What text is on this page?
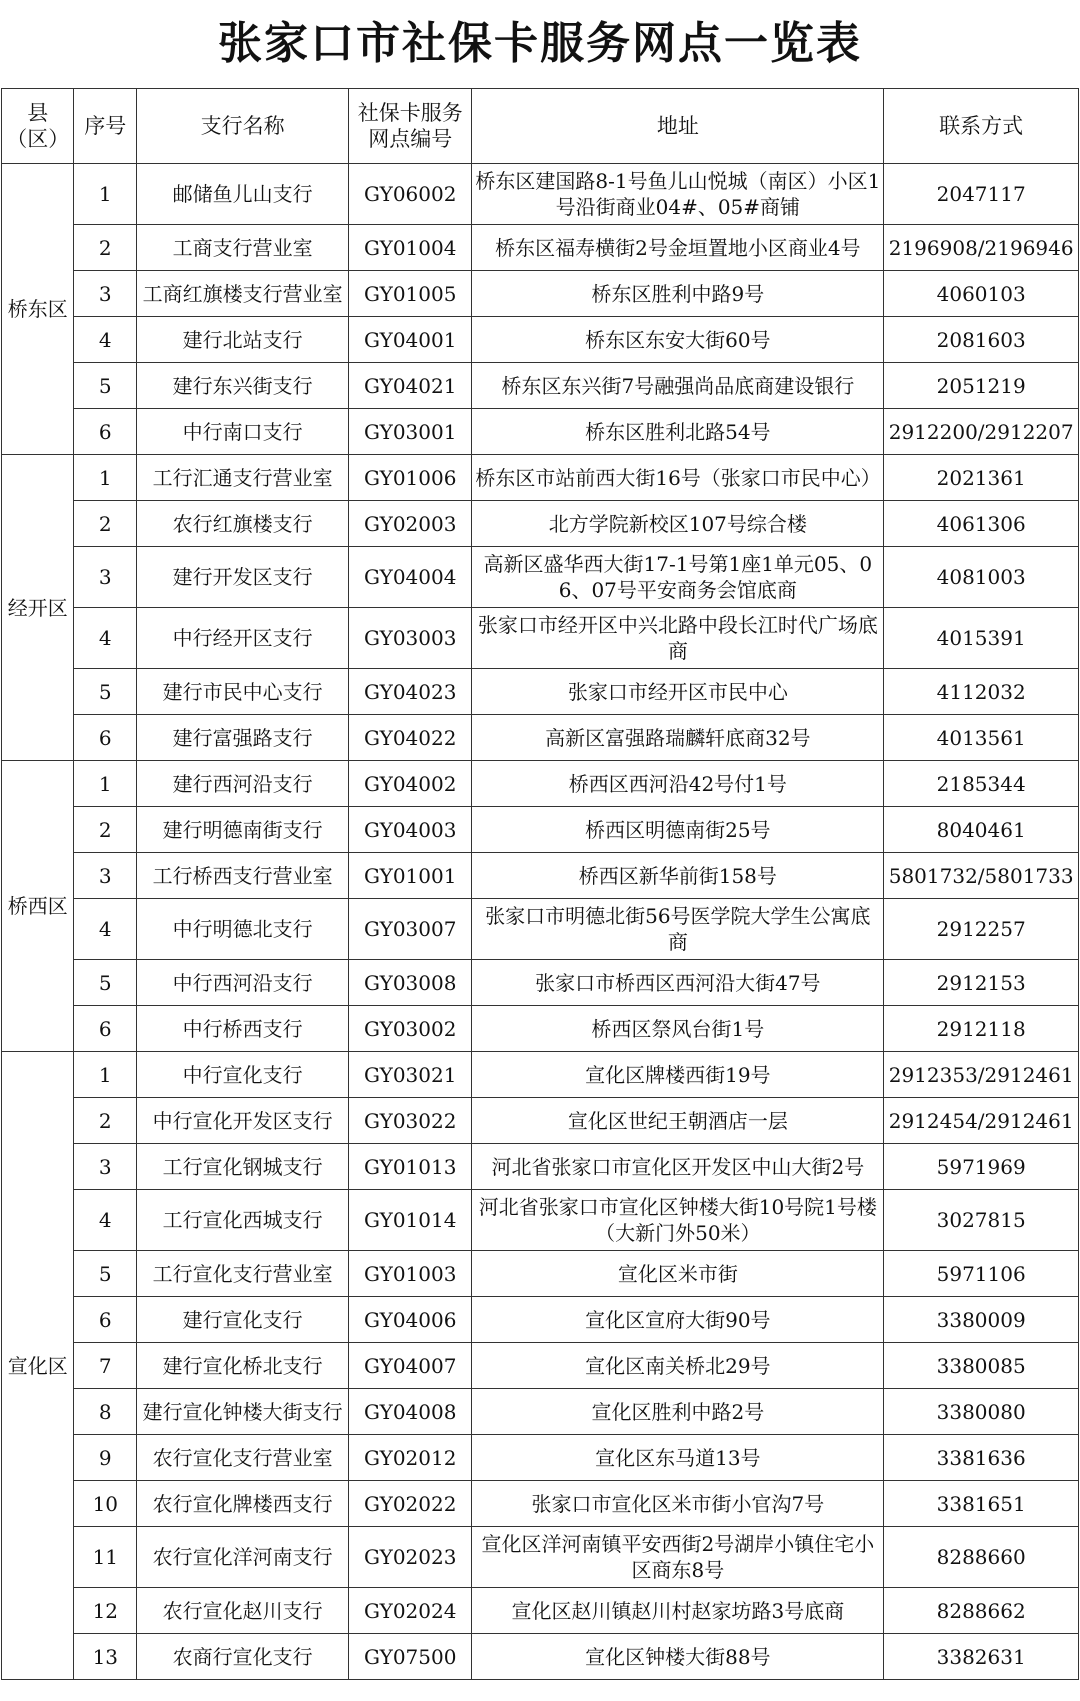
张家口市社保卡服务网点一览表
县（区）	序号	支行名称	社保卡服务网点编号	地址	联系方式
桥东区	1	邮储鱼儿山支行	GY06002	桥东区建国路8-1号鱼儿山悦城（南区）小区1号沿街商业04#、05#商铺	2047117
	2	工商支行营业室	GY01004	桥东区福寿横街2号金垣置地小区商业4号	2196908/2196946
	3	工商红旗楼支行营业室	GY01005	桥东区胜利中路9号	4060103
	4	建行北站支行	GY04001	桥东区东安大街60号	2081603
	5	建行东兴街支行	GY04021	桥东区东兴街7号融强尚品底商建设银行	2051219
	6	中行南口支行	GY03001	桥东区胜利北路54号	2912200/2912207
经开区	1	工行汇通支行营业室	GY01006	桥东区市站前西大街16号（张家口市民中心）	2021361
	2	农行红旗楼支行	GY02003	北方学院新校区107号综合楼	4061306
	3	建行开发区支行	GY04004	高新区盛华西大街17-1号第1座1单元05、06、07号平安商务会馆底商	4081003
	4	中行经开区支行	GY03003	张家口市经开区中兴北路中段长江时代广场底商	4015391
	5	建行市民中心支行	GY04023	张家口市经开区市民中心	4112032
	6	建行富强路支行	GY04022	高新区富强路瑞麟轩底商32号	4013561
桥西区	1	建行西河沿支行	GY04002	桥西区西河沿42号付1号	2185344
	2	建行明德南街支行	GY04003	桥西区明德南街25号	8040461
	3	工行桥西支行营业室	GY01001	桥西区新华前街158号	5801732/5801733
	4	中行明德北支行	GY03007	张家口市明德北街56号医学院大学生公寓底商	2912257
	5	中行西河沿支行	GY03008	张家口市桥西区西河沿大街47号	2912153
	6	中行桥西支行	GY03002	桥西区祭风台街1号	2912118
宣化区	1	中行宣化支行	GY03021	宣化区牌楼西街19号	2912353/2912461
	2	中行宣化开发区支行	GY03022	宣化区世纪王朝酒店一层	2912454/2912461
	3	工行宣化钢城支行	GY01013	河北省张家口市宣化区开发区中山大街2号	5971969
	4	工行宣化西城支行	GY01014	河北省张家口市宣化区钟楼大街10号院1号楼（大新门外50米）	3027815
	5	工行宣化支行营业室	GY01003	宣化区米市街	5971106
	6	建行宣化支行	GY04006	宣化区宣府大街90号	3380009
	7	建行宣化桥北支行	GY04007	宣化区南关桥北29号	3380085
	8	建行宣化钟楼大街支行	GY04008	宣化区胜利中路2号	3380080
	9	农行宣化支行营业室	GY02012	宣化区东马道13号	3381636
	10	农行宣化牌楼西支行	GY02022	张家口市宣化区米市街小官沟7号	3381651
	11	农行宣化洋河南支行	GY02023	宣化区洋河南镇平安西街2号湖岸小镇住宅小区商东8号	8288660
	12	农行宣化赵川支行	GY02024	宣化区赵川镇赵川村赵家坊路3号底商	8288662
	13	农商行宣化支行	GY07500	宣化区钟楼大街88号	3382631
